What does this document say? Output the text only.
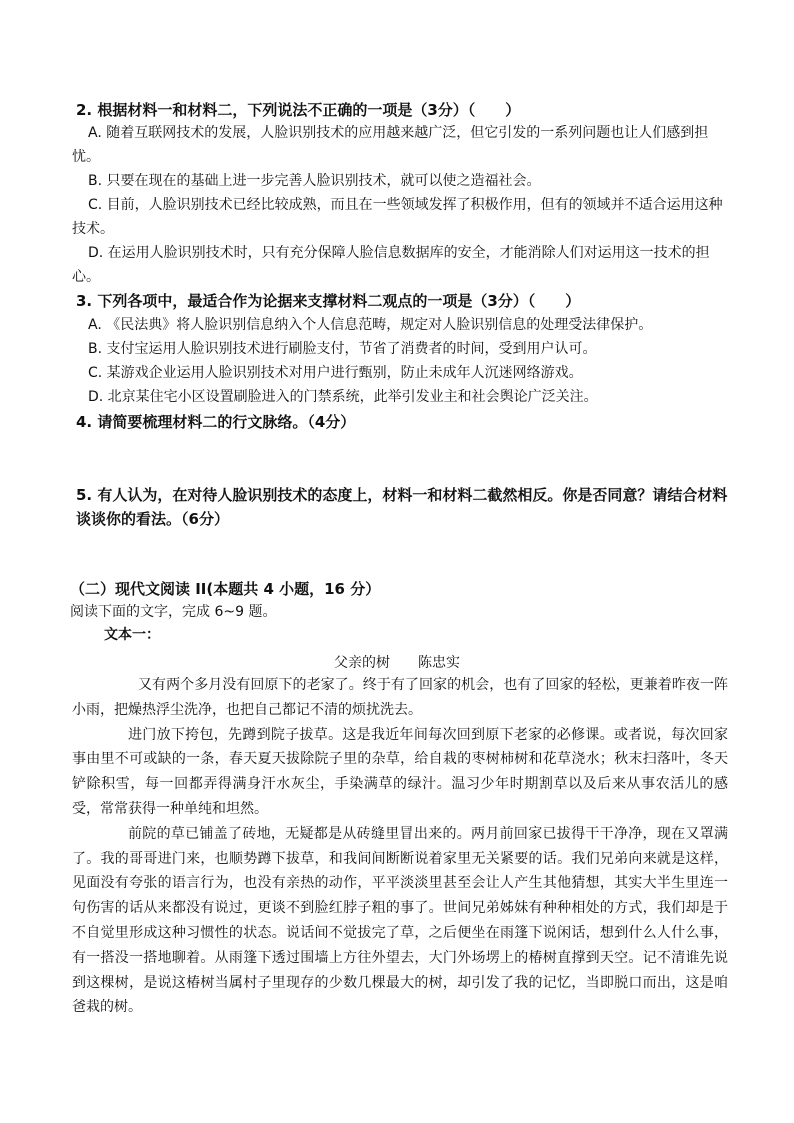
2. 根据材料一和材料二，下列说法不正确的一项是（3分）（　　）

A. 随着互联网技术的发展，人脸识别技术的应用越来越广泛，但它引发的一系列问题也让人们感到担忧。

B. 只要在现在的基础上进一步完善人脸识别技术，就可以使之造福社会。

C. 目前，人脸识别技术已经比较成熟，而且在一些领域发挥了积极作用，但有的领域并不适合运用这种技术。

D. 在运用人脸识别技术时，只有充分保障人脸信息数据库的安全，才能消除人们对运用这一技术的担心。

3. 下列各项中，最适合作为论据来支撑材料二观点的一项是（3分）（　　）

A. 《民法典》将人脸识别信息纳入个人信息范畴，规定对人脸识别信息的处理受法律保护。

B. 支付宝运用人脸识别技术进行刷脸支付，节省了消费者的时间，受到用户认可。

C. 某游戏企业运用人脸识别技术对用户进行甄别，防止未成年人沉迷网络游戏。

D. 北京某住宅小区设置刷脸进入的门禁系统，此举引发业主和社会舆论广泛关注。

4. 请简要梳理材料二的行文脉络。（4分）
5. 有人认为，在对待人脸识别技术的态度上，材料一和材料二截然相反。你是否同意？请结合材料谈谈你的看法。（6分）
（二）现代文阅读 II(本题共 4 小题，16 分）
阅读下面的文字，完成 6~9 题。
文本一：
父亲的树　　陈忠实

又有两个多月没有回原下的老家了。终于有了回家的机会，也有了回家的轻松，更兼着昨夜一阵小雨，把燥热浮尘洗净，也把自己都记不清的烦扰洗去。

进门放下挎包，先蹲到院子拔草。这是我近年间每次回到原下老家的必修课。或者说，每次回家事由里不可或缺的一条，春天夏天拔除院子里的杂草，给自栽的枣树柿树和花草浇水；秋末扫落叶，冬天铲除积雪，每一回都弄得满身汗水灰尘，手染满草的绿汁。温习少年时期割草以及后来从事农活儿的感受，常常获得一种单纯和坦然。

前院的草已铺盖了砖地，无疑都是从砖缝里冒出来的。两月前回家已拔得干干净净，现在又罩满了。我的哥哥进门来，也顺势蹲下拔草，和我间间断断说着家里无关紧要的话。我们兄弟向来就是这样，见面没有夸张的语言行为，也没有亲热的动作，平平淡淡里甚至会让人产生其他猜想，其实大半生里连一句伤害的话从来都没有说过，更谈不到脸红脖子粗的事了。世间兄弟姊妹有种种相处的方式，我们却是于不自觉里形成这种习惯性的状态。说话间不觉拔完了草，之后便坐在雨篷下说闲话，想到什么人什么事，有一搭没一搭地聊着。从雨篷下透过围墙上方往外望去，大门外场塄上的椿树直撑到天空。记不清谁先说到这棵树，是说这椿树当属村子里现存的少数几棵最大的树，却引发了我的记忆，当即脱口而出，这是咱爸栽的树。
